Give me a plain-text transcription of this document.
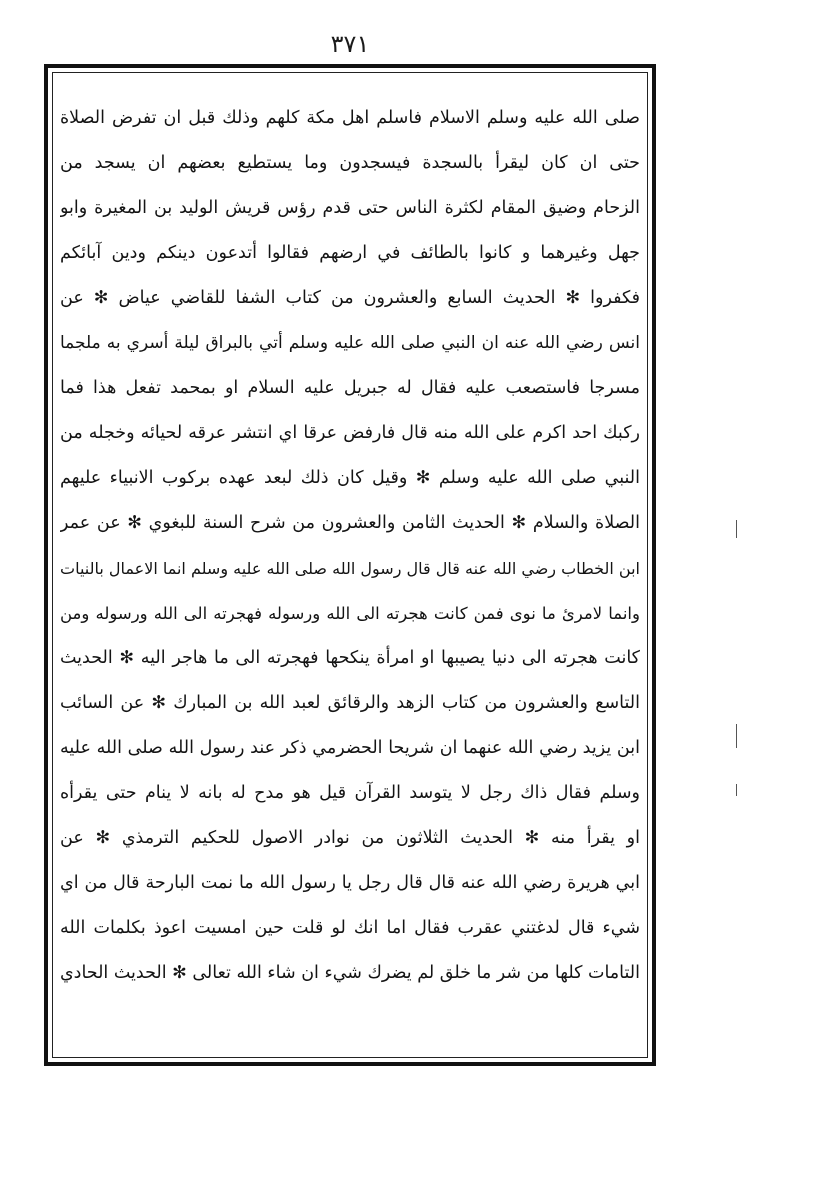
٣٧١
صلى الله عليه وسلم الاسلام فاسلم اهل مكة كلهم وذلك قبل ان تفرض الصلاة
حتى ان كان ليقرأ بالسجدة فيسجدون وما يستطيع بعضهم ان يسجد من
الزحام وضيق المقام لكثرة الناس حتى قدم رؤس قريش الوليد بن المغيرة وابو
جهل وغيرهما و كانوا بالطائف في ارضهم فقالوا أتدعون دينكم ودين آبائكم
فكفروا ✻ الحديث السابع والعشرون من كتاب الشفا للقاضي عياض ✻ عن
انس رضي الله عنه ان النبي صلى الله عليه وسلم أتي بالبراق ليلة أسري به ملجما
مسرجا فاستصعب عليه فقال له جبريل عليه السلام او بمحمد تفعل هذا فما
ركبك احد اكرم على الله منه قال فارفض عرقا اي انتشر عرقه لحيائه وخجله من
النبي صلى الله عليه وسلم ✻ وقيل كان ذلك لبعد عهده بركوب الانبياء عليهم
الصلاة والسلام ✻ الحديث الثامن والعشرون من شرح السنة للبغوي ✻ عن عمر
ابن الخطاب رضي الله عنه قال قال رسول الله صلى الله عليه وسلم انما الاعمال بالنيات
وانما لامرئ ما نوى فمن كانت هجرته الى الله ورسوله فهجرته الى الله ورسوله ومن
كانت هجرته الى دنيا يصيبها او امرأة ينكحها فهجرته الى ما هاجر اليه ✻ الحديث
التاسع والعشرون من كتاب الزهد والرقائق لعبد الله بن المبارك ✻ عن السائب
ابن يزيد رضي الله عنهما ان شريحا الحضرمي ذكر عند رسول الله صلى الله عليه
وسلم فقال ذاك رجل لا يتوسد القرآن قيل هو مدح له بانه لا ينام حتى يقرأه
او يقرأ منه ✻ الحديث الثلاثون من نوادر الاصول للحكيم الترمذي ✻ عن
ابي هريرة رضي الله عنه قال قال رجل يا رسول الله ما نمت البارحة قال من اي
شيء قال لدغتني عقرب فقال اما انك لو قلت حين امسيت اعوذ بكلمات الله
التامات كلها من شر ما خلق لم يضرك شيء ان شاء الله تعالى ✻ الحديث الحادي
